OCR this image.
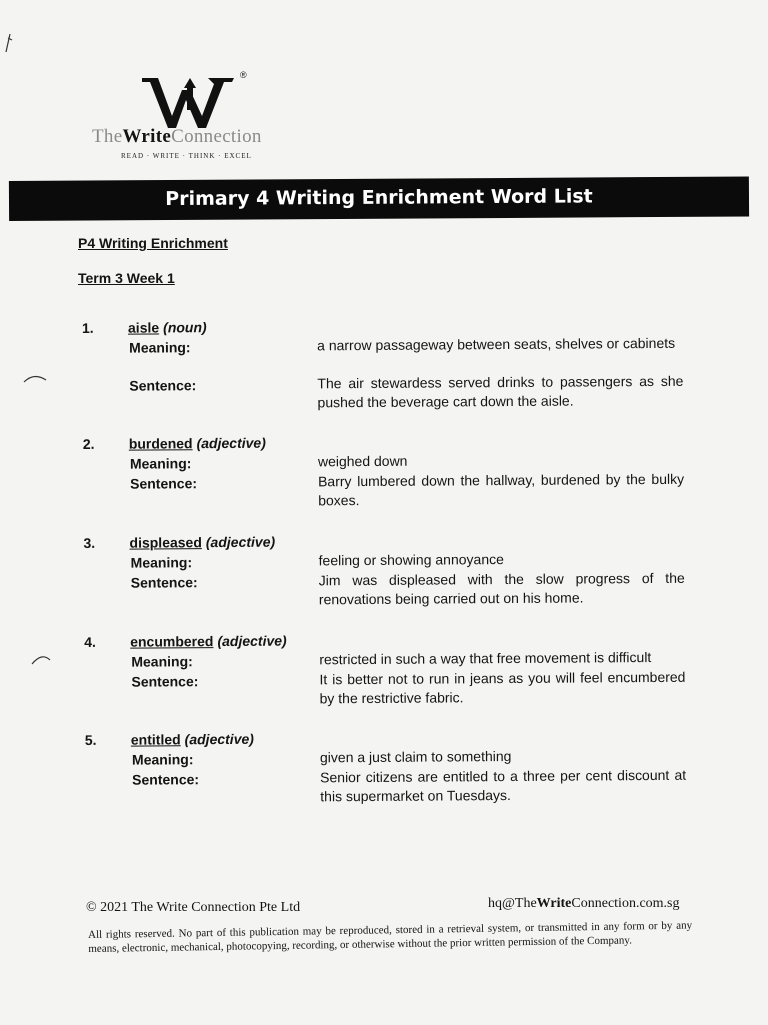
®
TheWriteConnection
READ · WRITE · THINK · EXCEL
Primary 4 Writing Enrichment Word List
P4 Writing Enrichment
Term 3 Week 1
1. aisle (noun)
Meaning:	a narrow passageway between seats, shelves or cabinets
Sentence:	The air stewardess served drinks to passengers as she pushed the beverage cart down the aisle.
2. burdened (adjective)
Meaning:	weighed down
Sentence:	Barry lumbered down the hallway, burdened by the bulky boxes.
3. displeased (adjective)
Meaning:	feeling or showing annoyance
Sentence:	Jim was displeased with the slow progress of the renovations being carried out on his home.
4. encumbered (adjective)
Meaning:	restricted in such a way that free movement is difficult
Sentence:	It is better not to run in jeans as you will feel encumbered by the restrictive fabric.
5. entitled (adjective)
Meaning:	given a just claim to something
Sentence:	Senior citizens are entitled to a three per cent discount at this supermarket on Tuesdays.
© 2021 The Write Connection Pte Ltd	hq@TheWriteConnection.com.sg
All rights reserved. No part of this publication may be reproduced, stored in a retrieval system, or transmitted in any form or by any means, electronic, mechanical, photocopying, recording, or otherwise without the prior written permission of the Company.
